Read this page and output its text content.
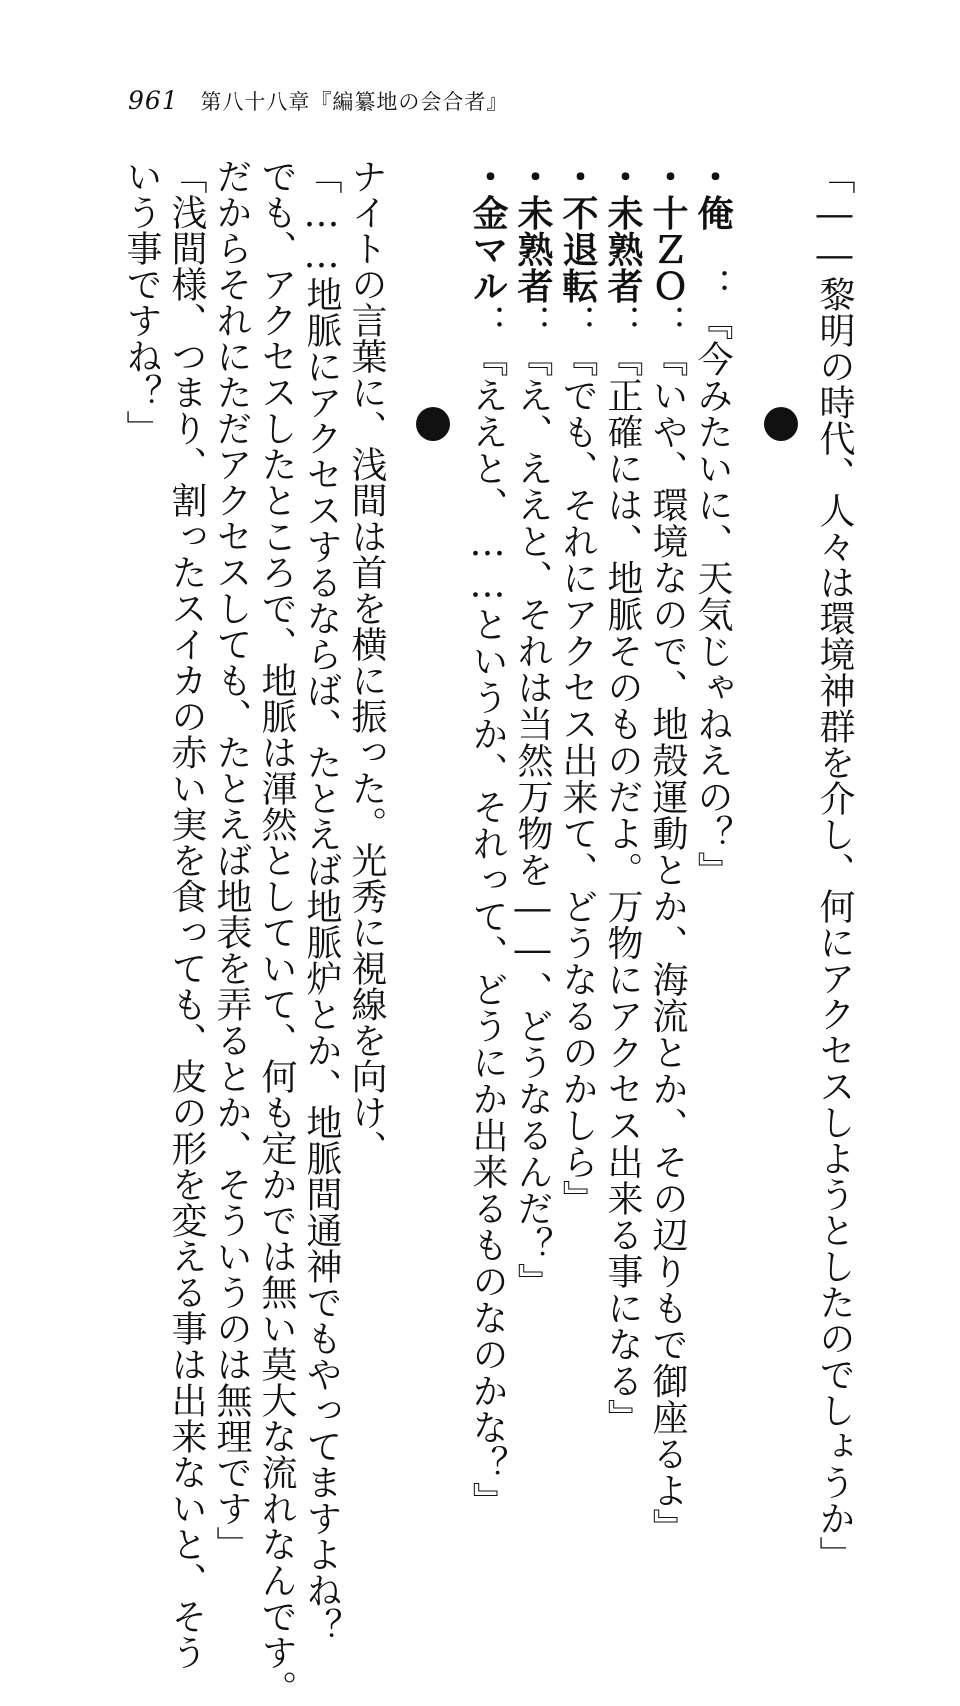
961 第八十八章『編纂地の会合者』
「――黎明の時代、人々は環境神群を介し、何にアクセスしようとしたのでしょうか」
・俺　：『今みたいに、天気じゃねえの？』
・十ＺＯ：『いや、環境なので、地殻運動とか、海流とか、その辺りもで御座るよ』
・未熟者：『正確には、地脈そのものだよ。万物にアクセス出来る事になる』
・不退転：『でも、それにアクセス出来て、どうなるのかしら』
・未熟者：『え、ええと、それは当然万物を――、どうなるんだ？』
・金マル：『ええと、……というか、それって、どうにか出来るものなのかな？』
ナイトの言葉に、浅間は首を横に振った。光秀に視線を向け、
「……地脈にアクセスするならば、たとえば地脈炉とか、地脈間通神でもやってますよね？
でも、アクセスしたところで、地脈は渾然としていて、何も定かでは無い莫大な流れなんです。
だからそれにただアクセスしても、たとえば地表を弄るとか、そういうのは無理です」
「浅間様、つまり、割ったスイカの赤い実を食っても、皮の形を変える事は出来ないと、そう
いう事ですね？」
